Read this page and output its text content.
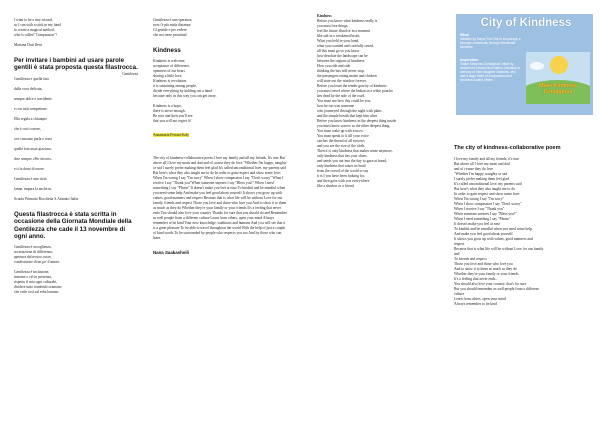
I want to be a tiny wizard,

so I can with a stick in my hand

to create a magical method,

who is called "Compassion"!

Mariana Dutt Ileva

Per invitare i bambini ad usare parole gentili è stata proposta questa filastrocca.

Gentilezza

Gentilezza e quella fata

dalla voce delicata,

sempre dolce e sorridente

e con tutti competente.

Ella regala a chiunque

che è così cortese,

ove ciascuno parla e resta

quella fata assai graziosa,

dice sempre «Per favore»

e ti fa dono di onore.

Gentilezza è una virtù

fanne, impara la anche tu.

Scuola Primaria Rocchetta S.Antonio-Italia

Questa filastrocca è stata scritta in occasione della Giornata Mondiale della Gentilezza che cade il 13 novembre di ogni anno.

Gentilezza è accoglienza,

accettazione di differenza,

apertura dal nostro cuore,

condivisione di un po' d'amore.

Gentilezza è inclusione,

insieme a ciò in presenza,

rispetto il mio ogni culturale,

diridere tutto tendendo oramano

che vede così sul erba lontano.

Gentilezza è una speranza,

non c'è più mala distanza;

Gl gentile e per vedere

che noi terne prontitud

Kindness

Kindness is welcome,

acceptance of difference,

openness of our heart,

sharing a little love.

Kindness is revolution,

it is sustaining among people,

divide everything by holding out a hand

because only in this way you can get away.

Kindness is a hope,

there is never enough.

Be nice and then you'll see

that you will not regret it!

Annamaria Ferrara-Italy

The city of kindness-collaborative poem I love my family and all my friends, It's true But above all I love my mom and dad and of course they do love "Whether I'm happy, naughty or sad I surely prefer making them feel glad It's called unconditional love, my parents said But here's what they also taught me to do In order to gain respect and show some love: When I'm wrong I say "I'm sorry" When I show compassion I say "Don't worry" When I receive I say "Thank you"When someone sneezes I say "Bless you!" When I need something I say "Please" It doesn't make you feel at ease To kindful and be mindful when you need some help And make you feel good about yourself It shows you grow up with values, good manners and respect Because that is what life will be without Love for our family, friends and respect Those you love and those who love you And to show it to them as much as they do Whether they're your family or your friends It's a feeling that never ends You should also love your country Thanks for sure that you should do and Remember as well people from a different culture Learn from others, open your mind Always remember to be kind Your new knowledge, traditions and humans And you will see that it is a great pleasure To be able to travel throughout the world With the help of just a couple of kind words To be surrounded by people who respects you too And by those who can learn

Nana Saakashvili

Kindness

Before you know what kindness really is

you must lose things,

feel the future dissolve in a moment

like salt in a weakened broth.

What you held in your hand,

what you counted and carefully saved,

all this must go so you know

how desolate the landscape can be

between the regions of kindness.

How you ride and ride

thinking the bus will never stop,

the passengers eating maize and chicken

will stare out the window forever.

Before you learn the tender gravity of kindness

you must travel where the Indian in a white poncho

lies dead by the side of the road.

You must see how this could be you,

how he too was someone

who journeyed through the night with plans

and the simple breath that kept him alive.

Before you know kindness as the deepest thing inside

you must know sorrow as the other deepest thing.

You must wake up with sorrow.

You must speak to it till your voice

catches the thread of all sorrows

and you see the size of the cloth.

Then it is only kindness that makes sense anymore,

only kindness that ties your shoes

and sends you out into the day to gaze at bread,

only kindness that raises its head

from the crowd of the world to say

it is I you have been looking for,

and then goes with you everywhere

like a shadow or a friend.

City of Kindness
What
Initiative by Mayor Tom Tait to encourage a stronger community through intentional kindness
Inspiration
"Make Kindness Contagious" effort by Anaheim's Edward and Karina Jaswlsky in memory of their daughter Natasha, who had a large heart of compassion and kindness toward others
Make Kindness Contagious

The city of kindness-collaborative poem

I love my family and all my friends, it's true

But above all I love my mom and dad

and of course they do love

"Whether I'm happy, naughty or sad

I surely prefer making them feel glad

It's called unconditional love, my parents said

But here's what they also taught me to do

In order to gain respect and show some love:

When I'm wrong I say "I'm sorry"

When I show compassion I say "Don't worry"

When I receive I say "Thank you"

When someone sneezes I say "Bless you!"

When I need something I say "Please"

It doesn't make you feel at ease

To kindful and be mindful when you need some help

And make you feel good about yourself

It shows you grow up with values, good manners and

respect

Because that is what life will be without Love for our family

and

To friends and respect

Those you love and those who love you

And to show it to them as much as they do

Whether they're your family or your friends

It's a feeling that never ends...

You should also love your country, that's for sure

But you should remember as well people from a different

culture

Learn from others, open your mind

Always remember to be kind
